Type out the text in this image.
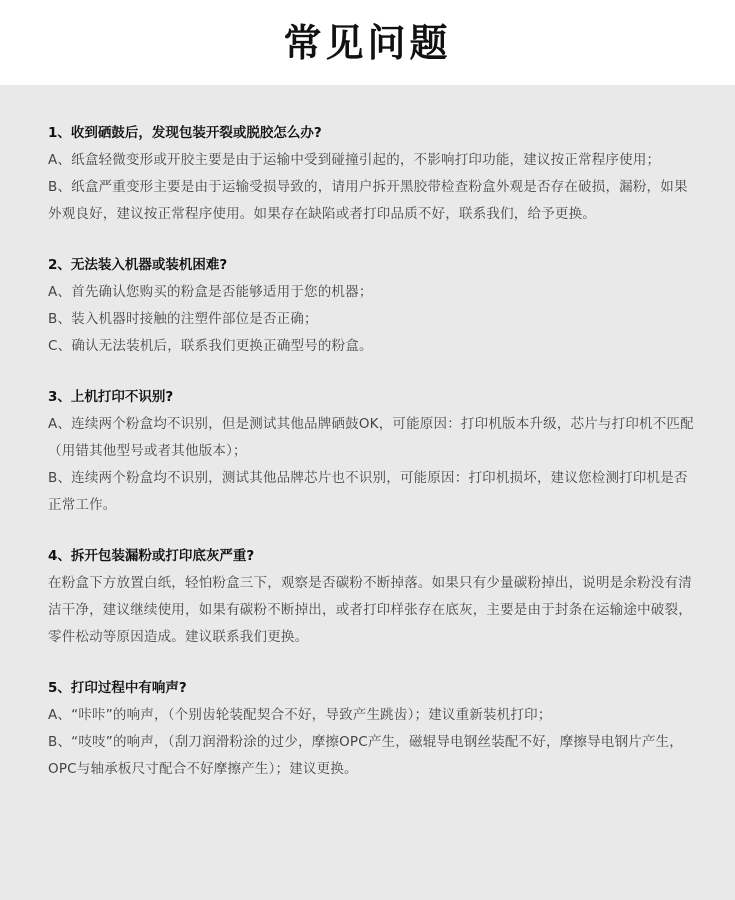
常见问题

1、收到硒鼓后，发现包装开裂或脱胶怎么办?

A、纸盒轻微变形或开胶主要是由于运输中受到碰撞引起的，不影响打印功能，建议按正常程序使用；

B、纸盒严重变形主要是由于运输受损导致的，请用户拆开黑胶带检查粉盒外观是否存在破损，漏粉，如果外观良好，建议按正常程序使用。如果存在缺陷或者打印品质不好，联系我们，给予更换。

2、无法装入机器或装机困难?

A、首先确认您购买的粉盒是否能够适用于您的机器；

B、装入机器时接触的注塑件部位是否正确；

C、确认无法装机后，联系我们更换正确型号的粉盒。

3、上机打印不识别?

A、连续两个粉盒均不识别，但是测试其他品牌硒鼓OK，可能原因：打印机版本升级，芯片与打印机不匹配（用错其他型号或者其他版本）；

B、连续两个粉盒均不识别，测试其他品牌芯片也不识别，可能原因：打印机损坏，建议您检测打印机是否正常工作。

4、拆开包装漏粉或打印底灰严重?

在粉盒下方放置白纸，轻怕粉盒三下，观察是否碳粉不断掉落。如果只有少量碳粉掉出，说明是余粉没有清洁干净，建议继续使用，如果有碳粉不断掉出，或者打印样张存在底灰，主要是由于封条在运输途中破裂，零件松动等原因造成。建议联系我们更换。

5、打印过程中有响声?

A、“咔咔”的响声，（个别齿轮装配契合不好，导致产生跳齿）；建议重新装机打印；

B、“吱吱”的响声，（刮刀润滑粉涂的过少，摩擦OPC产生，磁辊导电钢丝装配不好，摩擦导电钢片产生，OPC与轴承板尺寸配合不好摩擦产生）；建议更换。
